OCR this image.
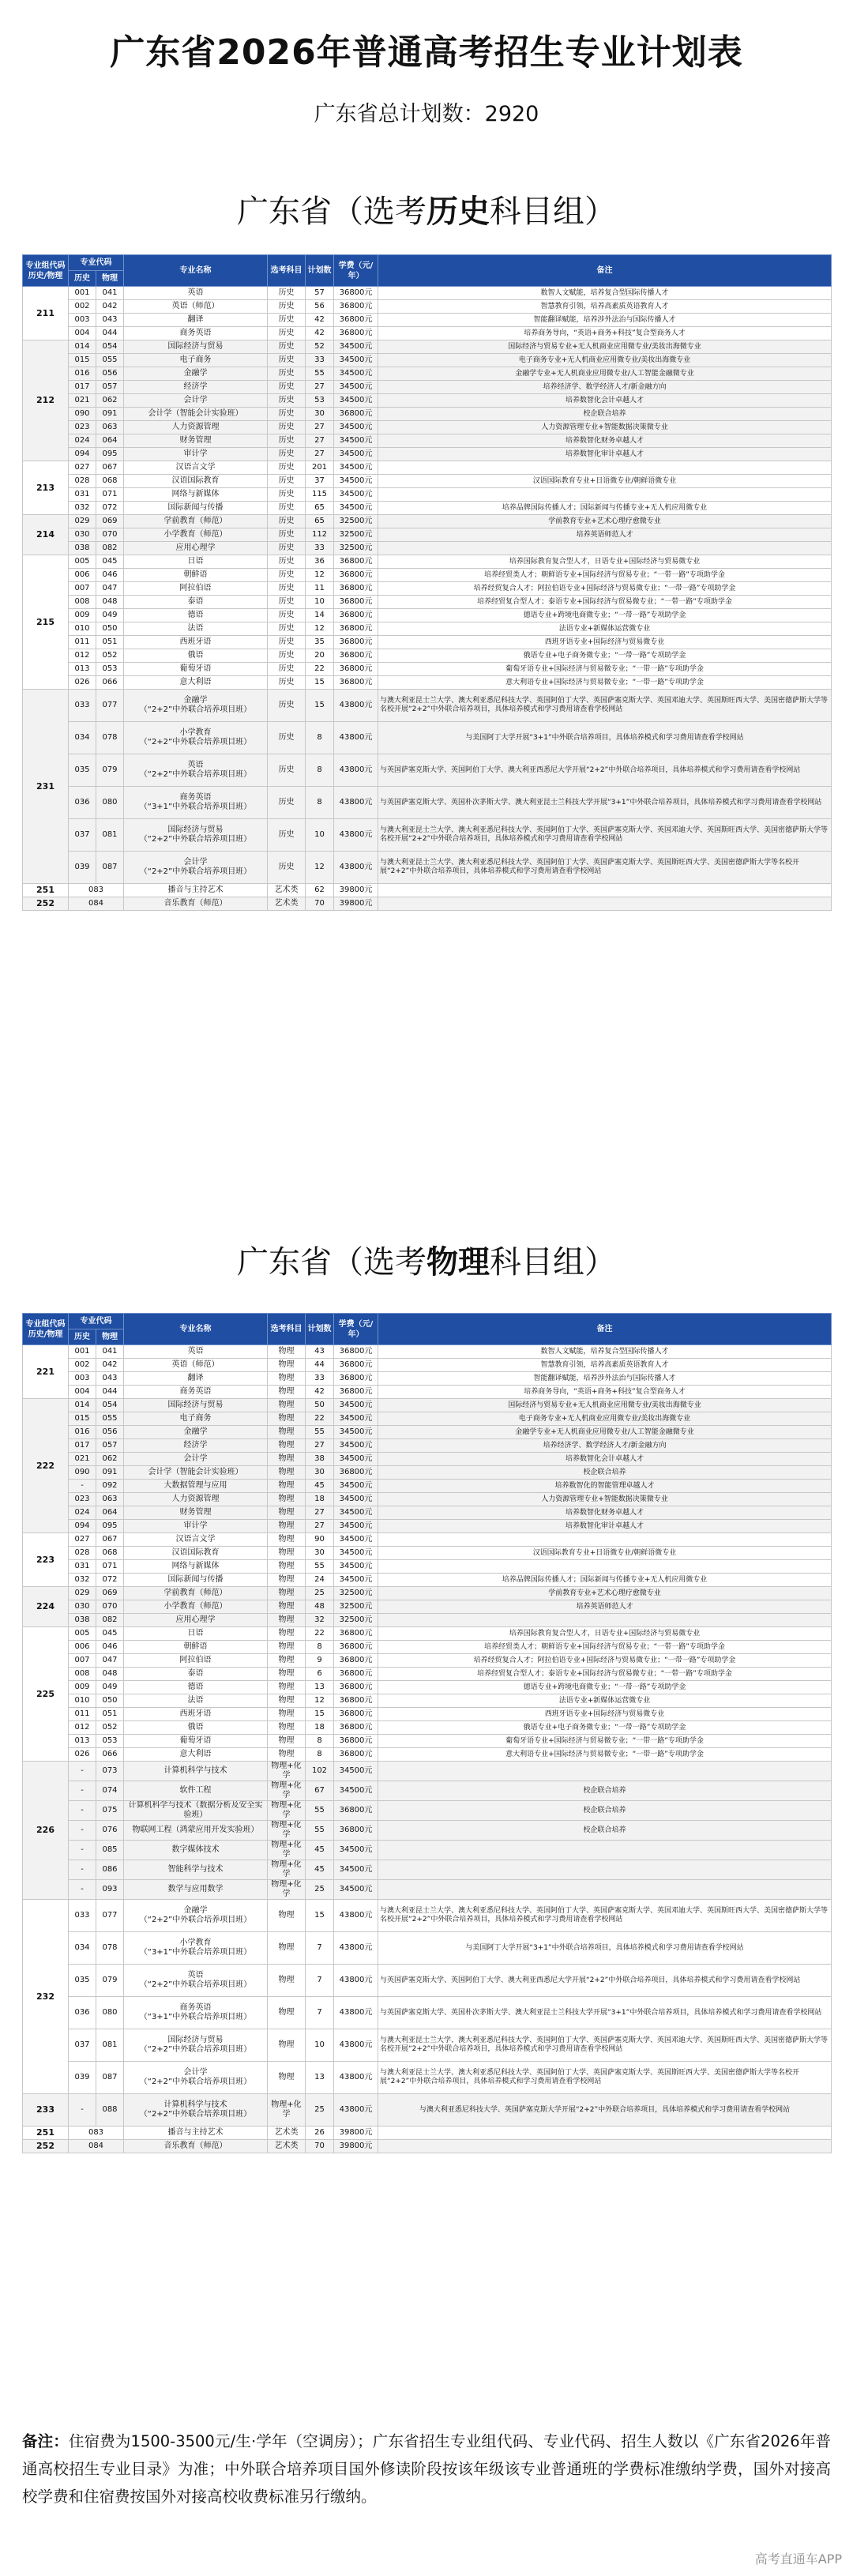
广东省2026年普通高考招生专业计划表
广东省总计划数：2920
广东省（选考历史科目组）
专业组代码
历史/物理	专业代码		专业名称	选考科目	计划数	学费（元/年）	备注
	历史	物理					
211	001	041	英语	历史	57	36800元	数智人文赋能，培养复合型国际传播人才
	002	042	英语（师范）	历史	56	36800元	智慧教育引领，培养高素质英语教育人才
	003	043	翻译	历史	42	36800元	智能翻译赋能，培养涉外法治与国际传播人才
	004	044	商务英语	历史	42	36800元	培养商务导向，“英语+商务+科技”复合型商务人才
212	014	054	国际经济与贸易	历史	52	34500元	国际经济与贸易专业+无人机商业应用微专业/美妆出海微专业
	015	055	电子商务	历史	33	34500元	电子商务专业+无人机商业应用微专业/美妆出海微专业
	016	056	金融学	历史	55	34500元	金融学专业+无人机商业应用微专业/人工智能金融微专业
	017	057	经济学	历史	27	34500元	培养经济学、数学经济人才/新金融方向
	021	062	会计学	历史	53	34500元	培养数智化会计卓越人才
	090	091	会计学（智能会计实验班）	历史	30	36800元	校企联合培养
	023	063	人力资源管理	历史	27	34500元	人力资源管理专业+智能数据决策微专业
	024	064	财务管理	历史	27	34500元	培养数智化财务卓越人才
	094	095	审计学	历史	27	34500元	培养数智化审计卓越人才
213	027	067	汉语言文学	历史	201	34500元	
	028	068	汉语国际教育	历史	37	34500元	汉语国际教育专业+日语微专业/朝鲜语微专业
	031	071	网络与新媒体	历史	115	34500元	
	032	072	国际新闻与传播	历史	65	34500元	培养品牌国际传播人才；国际新闻与传播专业+无人机应用微专业
214	029	069	学前教育（师范）	历史	65	32500元	学前教育专业+艺术心理疗愈微专业
	030	070	小学教育（师范）	历史	112	32500元	培养英语师范人才
	038	082	应用心理学	历史	33	32500元	
215	005	045	日语	历史	36	36800元	培养国际教育复合型人才，日语专业+国际经济与贸易微专业
	006	046	朝鲜语	历史	12	36800元	培养经贸类人才；朝鲜语专业+国际经济与贸易专业；“一带一路”专项助学金
	007	047	阿拉伯语	历史	11	36800元	培养经贸复合人才；阿拉伯语专业+国际经济与贸易微专业；“一带一路”专项助学金
	008	048	泰语	历史	10	36800元	培养经贸复合型人才；泰语专业+国际经济与贸易微专业；“一带一路”专项助学金
	009	049	德语	历史	14	36800元	德语专业+跨境电商微专业；“一带一路”专项助学金
	010	050	法语	历史	12	36800元	法语专业+新媒体运营微专业
	011	051	西班牙语	历史	35	36800元	西班牙语专业+国际经济与贸易微专业
	012	052	俄语	历史	20	36800元	俄语专业+电子商务微专业；“一带一路”专项助学金
	013	053	葡萄牙语	历史	22	36800元	葡萄牙语专业+国际经济与贸易微专业；“一带一路”专项助学金
	026	066	意大利语	历史	15	36800元	意大利语专业+国际经济与贸易微专业；“一带一路”专项助学金
231	033	077	金融学
（“2+2”中外联合培养项目班）	历史	15	43800元	与澳大利亚昆士兰大学、澳大利亚悉尼科技大学、英国阿伯丁大学、英国萨塞克斯大学、英国邓迪大学、英国斯旺西大学、美国密德萨斯大学等名校开展“2+2”中外联合培养项目，具体培养模式和学习费用请查看学校网站
	034	078	小学教育
（“2+2”中外联合培养项目班）	历史	8	43800元	与美国阿丁大学开展“3+1”中外联合培养项目，具体培养模式和学习费用请查看学校网站
	035	079	英语
（“2+2”中外联合培养项目班）	历史	8	43800元	与英国萨塞克斯大学、英国阿伯丁大学、澳大利亚西悉尼大学开展“2+2”中外联合培养项目，具体培养模式和学习费用请查看学校网站
	036	080	商务英语
（“3+1”中外联合培养项目班）	历史	8	43800元	与英国萨塞克斯大学、英国朴次茅斯大学、澳大利亚昆士兰科技大学开展“3+1”中外联合培养项目，具体培养模式和学习费用请查看学校网站
	037	081	国际经济与贸易
（“2+2”中外联合培养项目班）	历史	10	43800元	与澳大利亚昆士兰大学、澳大利亚悉尼科技大学、英国阿伯丁大学、英国萨塞克斯大学、英国邓迪大学、英国斯旺西大学、美国密德萨斯大学等名校开展“2+2”中外联合培养项目，具体培养模式和学习费用请查看学校网站
	039	087	会计学
（“2+2”中外联合培养项目班）	历史	12	43800元	与澳大利亚昆士兰大学、澳大利亚悉尼科技大学、英国阿伯丁大学、英国萨塞克斯大学、英国斯旺西大学、美国密德萨斯大学等名校开展“2+2”中外联合培养项目，具体培养模式和学习费用请查看学校网站
251	083		播音与主持艺术	艺术类	62	39800元	
252	084		音乐教育（师范）	艺术类	70	39800元	
广东省（选考物理科目组）
专业组代码
历史/物理	专业代码		专业名称	选考科目	计划数	学费（元/年）	备注
	历史	物理					
221	001	041	英语	物理	43	36800元	数智人文赋能，培养复合型国际传播人才
	002	042	英语（师范）	物理	44	36800元	智慧教育引领，培养高素质英语教育人才
	003	043	翻译	物理	33	36800元	智能翻译赋能，培养涉外法治与国际传播人才
	004	044	商务英语	物理	42	36800元	培养商务导向，“英语+商务+科技”复合型商务人才
222	014	054	国际经济与贸易	物理	50	34500元	国际经济与贸易专业+无人机商业应用微专业/美妆出海微专业
	015	055	电子商务	物理	22	34500元	电子商务专业+无人机商业应用微专业/美妆出海微专业
	016	056	金融学	物理	55	34500元	金融学专业+无人机商业应用微专业/人工智能金融微专业
	017	057	经济学	物理	27	34500元	培养经济学、数学经济人才/新金融方向
	021	062	会计学	物理	38	34500元	培养数智化会计卓越人才
	090	091	会计学（智能会计实验班）	物理	30	36800元	校企联合培养
	-	092	大数据管理与应用	物理	45	34500元	培养数智化的智能管理卓越人才
	023	063	人力资源管理	物理	18	34500元	人力资源管理专业+智能数据决策微专业
	024	064	财务管理	物理	27	34500元	培养数智化财务卓越人才
	094	095	审计学	物理	27	34500元	培养数智化审计卓越人才
223	027	067	汉语言文学	物理	90	34500元	
	028	068	汉语国际教育	物理	30	34500元	汉语国际教育专业+日语微专业/朝鲜语微专业
	031	071	网络与新媒体	物理	55	34500元	
	032	072	国际新闻与传播	物理	24	34500元	培养品牌国际传播人才；国际新闻与传播专业+无人机应用微专业
224	029	069	学前教育（师范）	物理	25	32500元	学前教育专业+艺术心理疗愈微专业
	030	070	小学教育（师范）	物理	48	32500元	培养英语师范人才
	038	082	应用心理学	物理	32	32500元	
225	005	045	日语	物理	22	36800元	培养国际教育复合型人才，日语专业+国际经济与贸易微专业
	006	046	朝鲜语	物理	8	36800元	培养经贸类人才；朝鲜语专业+国际经济与贸易专业；“一带一路”专项助学金
	007	047	阿拉伯语	物理	9	36800元	培养经贸复合人才；阿拉伯语专业+国际经济与贸易微专业；“一带一路”专项助学金
	008	048	泰语	物理	6	36800元	培养经贸复合型人才；泰语专业+国际经济与贸易微专业；“一带一路”专项助学金
	009	049	德语	物理	13	36800元	德语专业+跨境电商微专业；“一带一路”专项助学金
	010	050	法语	物理	12	36800元	法语专业+新媒体运营微专业
	011	051	西班牙语	物理	15	36800元	西班牙语专业+国际经济与贸易微专业
	012	052	俄语	物理	18	36800元	俄语专业+电子商务微专业；“一带一路”专项助学金
	013	053	葡萄牙语	物理	8	36800元	葡萄牙语专业+国际经济与贸易微专业；“一带一路”专项助学金
	026	066	意大利语	物理	8	36800元	意大利语专业+国际经济与贸易微专业；“一带一路”专项助学金
226	-	073	计算机科学与技术	物理+化学	102	34500元	
	-	074	软件工程	物理+化学	67	34500元	校企联合培养
	-	075	计算机科学与技术（数据分析及安全实验班）	物理+化学	55	36800元	校企联合培养
	-	076	物联网工程（鸿蒙应用开发实验班）	物理+化学	55	36800元	校企联合培养
	-	085	数字媒体技术	物理+化学	45	34500元	
	-	086	智能科学与技术	物理+化学	45	34500元	
	-	093	数学与应用数学	物理+化学	25	34500元	
232	033	077	金融学
（“2+2”中外联合培养项目班）	物理	15	43800元	与澳大利亚昆士兰大学、澳大利亚悉尼科技大学、英国阿伯丁大学、英国萨塞克斯大学、英国邓迪大学、英国斯旺西大学、美国密德萨斯大学等名校开展“2+2”中外联合培养项目，具体培养模式和学习费用请查看学校网站
	034	078	小学教育
（“3+1”中外联合培养项目班）	物理	7	43800元	与美国阿丁大学开展“3+1”中外联合培养项目，具体培养模式和学习费用请查看学校网站
	035	079	英语
（“2+2”中外联合培养项目班）	物理	7	43800元	与英国萨塞克斯大学、英国阿伯丁大学、澳大利亚西悉尼大学开展“2+2”中外联合培养项目，具体培养模式和学习费用请查看学校网站
	036	080	商务英语
（“3+1”中外联合培养项目班）	物理	7	43800元	与英国萨塞克斯大学、英国朴次茅斯大学、澳大利亚昆士兰科技大学开展“3+1”中外联合培养项目，具体培养模式和学习费用请查看学校网站
	037	081	国际经济与贸易
（“2+2”中外联合培养项目班）	物理	10	43800元	与澳大利亚昆士兰大学、澳大利亚悉尼科技大学、英国阿伯丁大学、英国萨塞克斯大学、英国邓迪大学、英国斯旺西大学、美国密德萨斯大学等名校开展“2+2”中外联合培养项目，具体培养模式和学习费用请查看学校网站
	039	087	会计学
（“2+2”中外联合培养项目班）	物理	13	43800元	与澳大利亚昆士兰大学、澳大利亚悉尼科技大学、英国阿伯丁大学、英国萨塞克斯大学、英国斯旺西大学、美国密德萨斯大学等名校开展“2+2”中外联合培养项目，具体培养模式和学习费用请查看学校网站
233	-	088	计算机科学与技术
（“2+2”中外联合培养项目班）	物理+化学	25	43800元	与澳大利亚悉尼科技大学、英国萨塞克斯大学开展“2+2”中外联合培养项目，具体培养模式和学习费用请查看学校网站
251	083		播音与主持艺术	艺术类	26	39800元	
252	084		音乐教育（师范）	艺术类	70	39800元	
备注：住宿费为1500-3500元/生·学年（空调房）；广东省招生专业组代码、专业代码、招生人数以《广东省2026年普通高校招生专业目录》为准；中外联合培养项目国外修读阶段按该年级该专业普通班的学费标准缴纳学费，国外对接高校学费和住宿费按国外对接高校收费标准另行缴纳。
高考直通车APP
